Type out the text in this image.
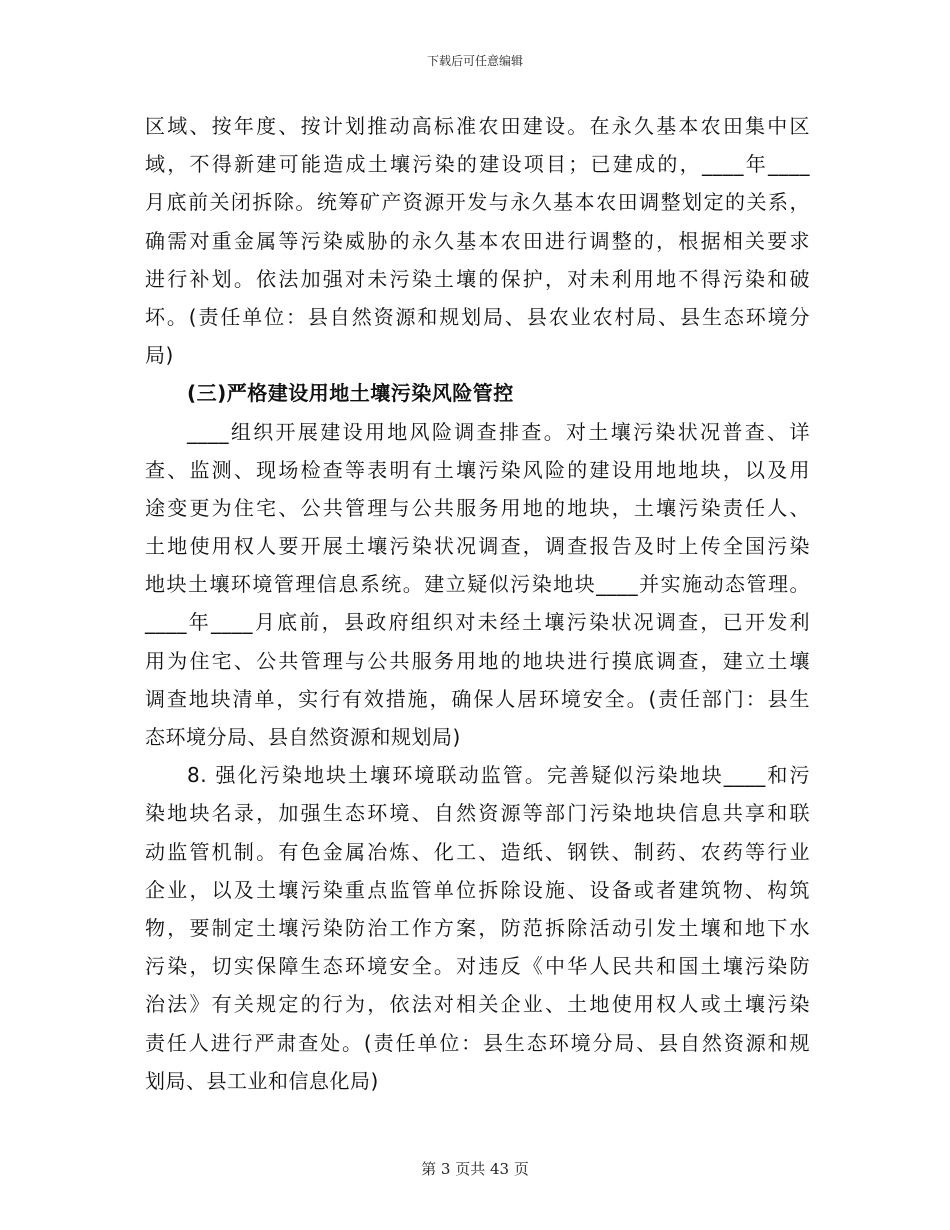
下载后可任意编辑
区域、按年度、按计划推动高标准农田建设。在永久基本农田集中区
域，不得新建可能造成土壤污染的建设项目；已建成的，____年____
月底前关闭拆除。统筹矿产资源开发与永久基本农田调整划定的关系，
确需对重金属等污染威胁的永久基本农田进行调整的，根据相关要求
进行补划。依法加强对未污染土壤的保护，对未利用地不得污染和破
坏。(责任单位：县自然资源和规划局、县农业农村局、县生态环境分
局)
(三)严格建设用地土壤污染风险管控
____组织开展建设用地风险调查排查。对土壤污染状况普查、详
查、监测、现场检查等表明有土壤污染风险的建设用地地块，以及用
途变更为住宅、公共管理与公共服务用地的地块，土壤污染责任人、
土地使用权人要开展土壤污染状况调查，调查报告及时上传全国污染
地块土壤环境管理信息系统。建立疑似污染地块____并实施动态管理。
____年____月底前，县政府组织对未经土壤污染状况调查，已开发利
用为住宅、公共管理与公共服务用地的地块进行摸底调查，建立土壤
调查地块清单，实行有效措施，确保人居环境安全。(责任部门：县生
态环境分局、县自然资源和规划局)
8. 强化污染地块土壤环境联动监管。完善疑似污染地块____和污
染地块名录，加强生态环境、自然资源等部门污染地块信息共享和联
动监管机制。有色金属冶炼、化工、造纸、钢铁、制药、农药等行业
企业，以及土壤污染重点监管单位拆除设施、设备或者建筑物、构筑
物，要制定土壤污染防治工作方案，防范拆除活动引发土壤和地下水
污染，切实保障生态环境安全。对违反《中华人民共和国土壤污染防
治法》有关规定的行为，依法对相关企业、土地使用权人或土壤污染
责任人进行严肃查处。(责任单位：县生态环境分局、县自然资源和规
划局、县工业和信息化局)
第 3 页共 43 页
